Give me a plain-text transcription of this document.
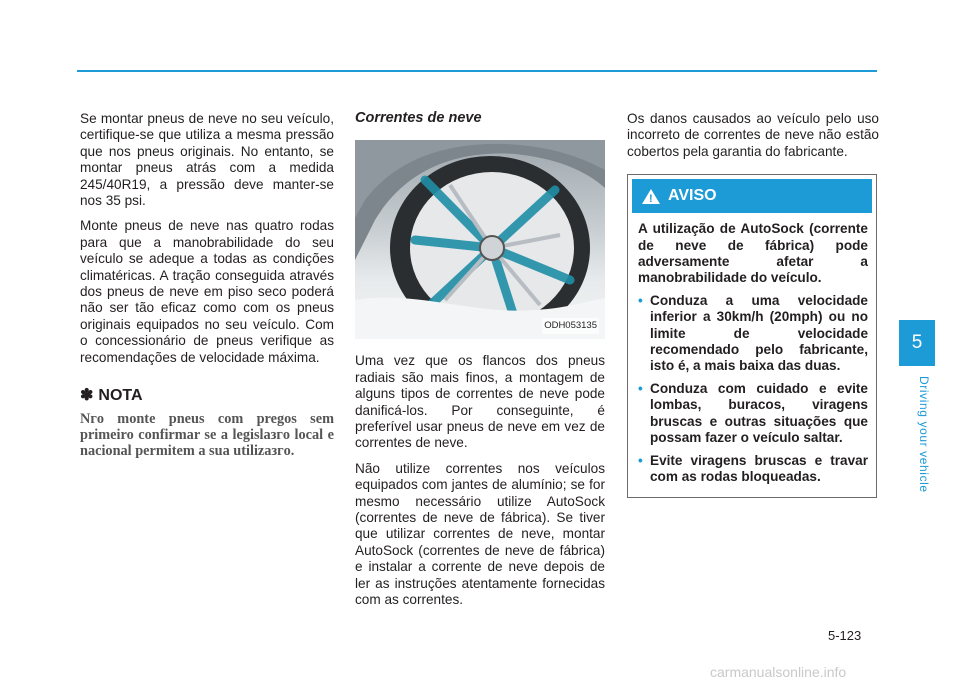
Se montar pneus de neve no seu veículo, certifique-se que utiliza a mesma pressão que nos pneus originais. No entanto, se montar pneus atrás com a medida 245/40R19, a pressão deve manter-se nos 35 psi.

Monte pneus de neve nas quatro rodas para que a manobrabilidade do seu veículo se adeque a todas as condições climatéricas. A tração conseguida através dos pneus de neve em piso seco poderá não ser tão eficaz como com os pneus originais equipados no seu veículo. Com o concessionário de pneus verifique as recomendações de velocidade máxima.

✽ NOTA
Nгo monte pneus com pregos sem primeiro confirmar se a legislaзгo local e nacional permitem a sua utilizaзгo.
Correntes de neve
ODH053135

Uma vez que os flancos dos pneus radiais são mais finos, a montagem de alguns tipos de correntes de neve pode danificá-los. Por conseguinte, é preferível usar pneus de neve em vez de correntes de neve.

Não utilize correntes nos veículos equipados com jantes de alumínio; se for mesmo necessário utilize AutoSock (correntes de neve de fábrica). Se tiver que utilizar correntes de neve, montar AutoSock (correntes de neve de fábrica) e instalar a corrente de neve depois de ler as instruções atentamente fornecidas com as correntes.

Os danos causados ao veículo pelo uso incorreto de correntes de neve não estão cobertos pela garantia do fabricante.

!
AVISO

A utilização de AutoSock (corrente de neve de fábrica) pode adversamente afetar a manobrabilidade do veículo.

• Conduza a uma velocidade inferior a 30km/h (20mph) ou no limite de velocidade recomendado pelo fabricante, isto é, a mais baixa das duas.
• Conduza com cuidado e evite lombas, buracos, viragens bruscas e outras situações que possam fazer o veículo saltar.
• Evite viragens bruscas e travar com as rodas bloqueadas.
5
Driving your vehicle
5-123
carmanualsonline.info
